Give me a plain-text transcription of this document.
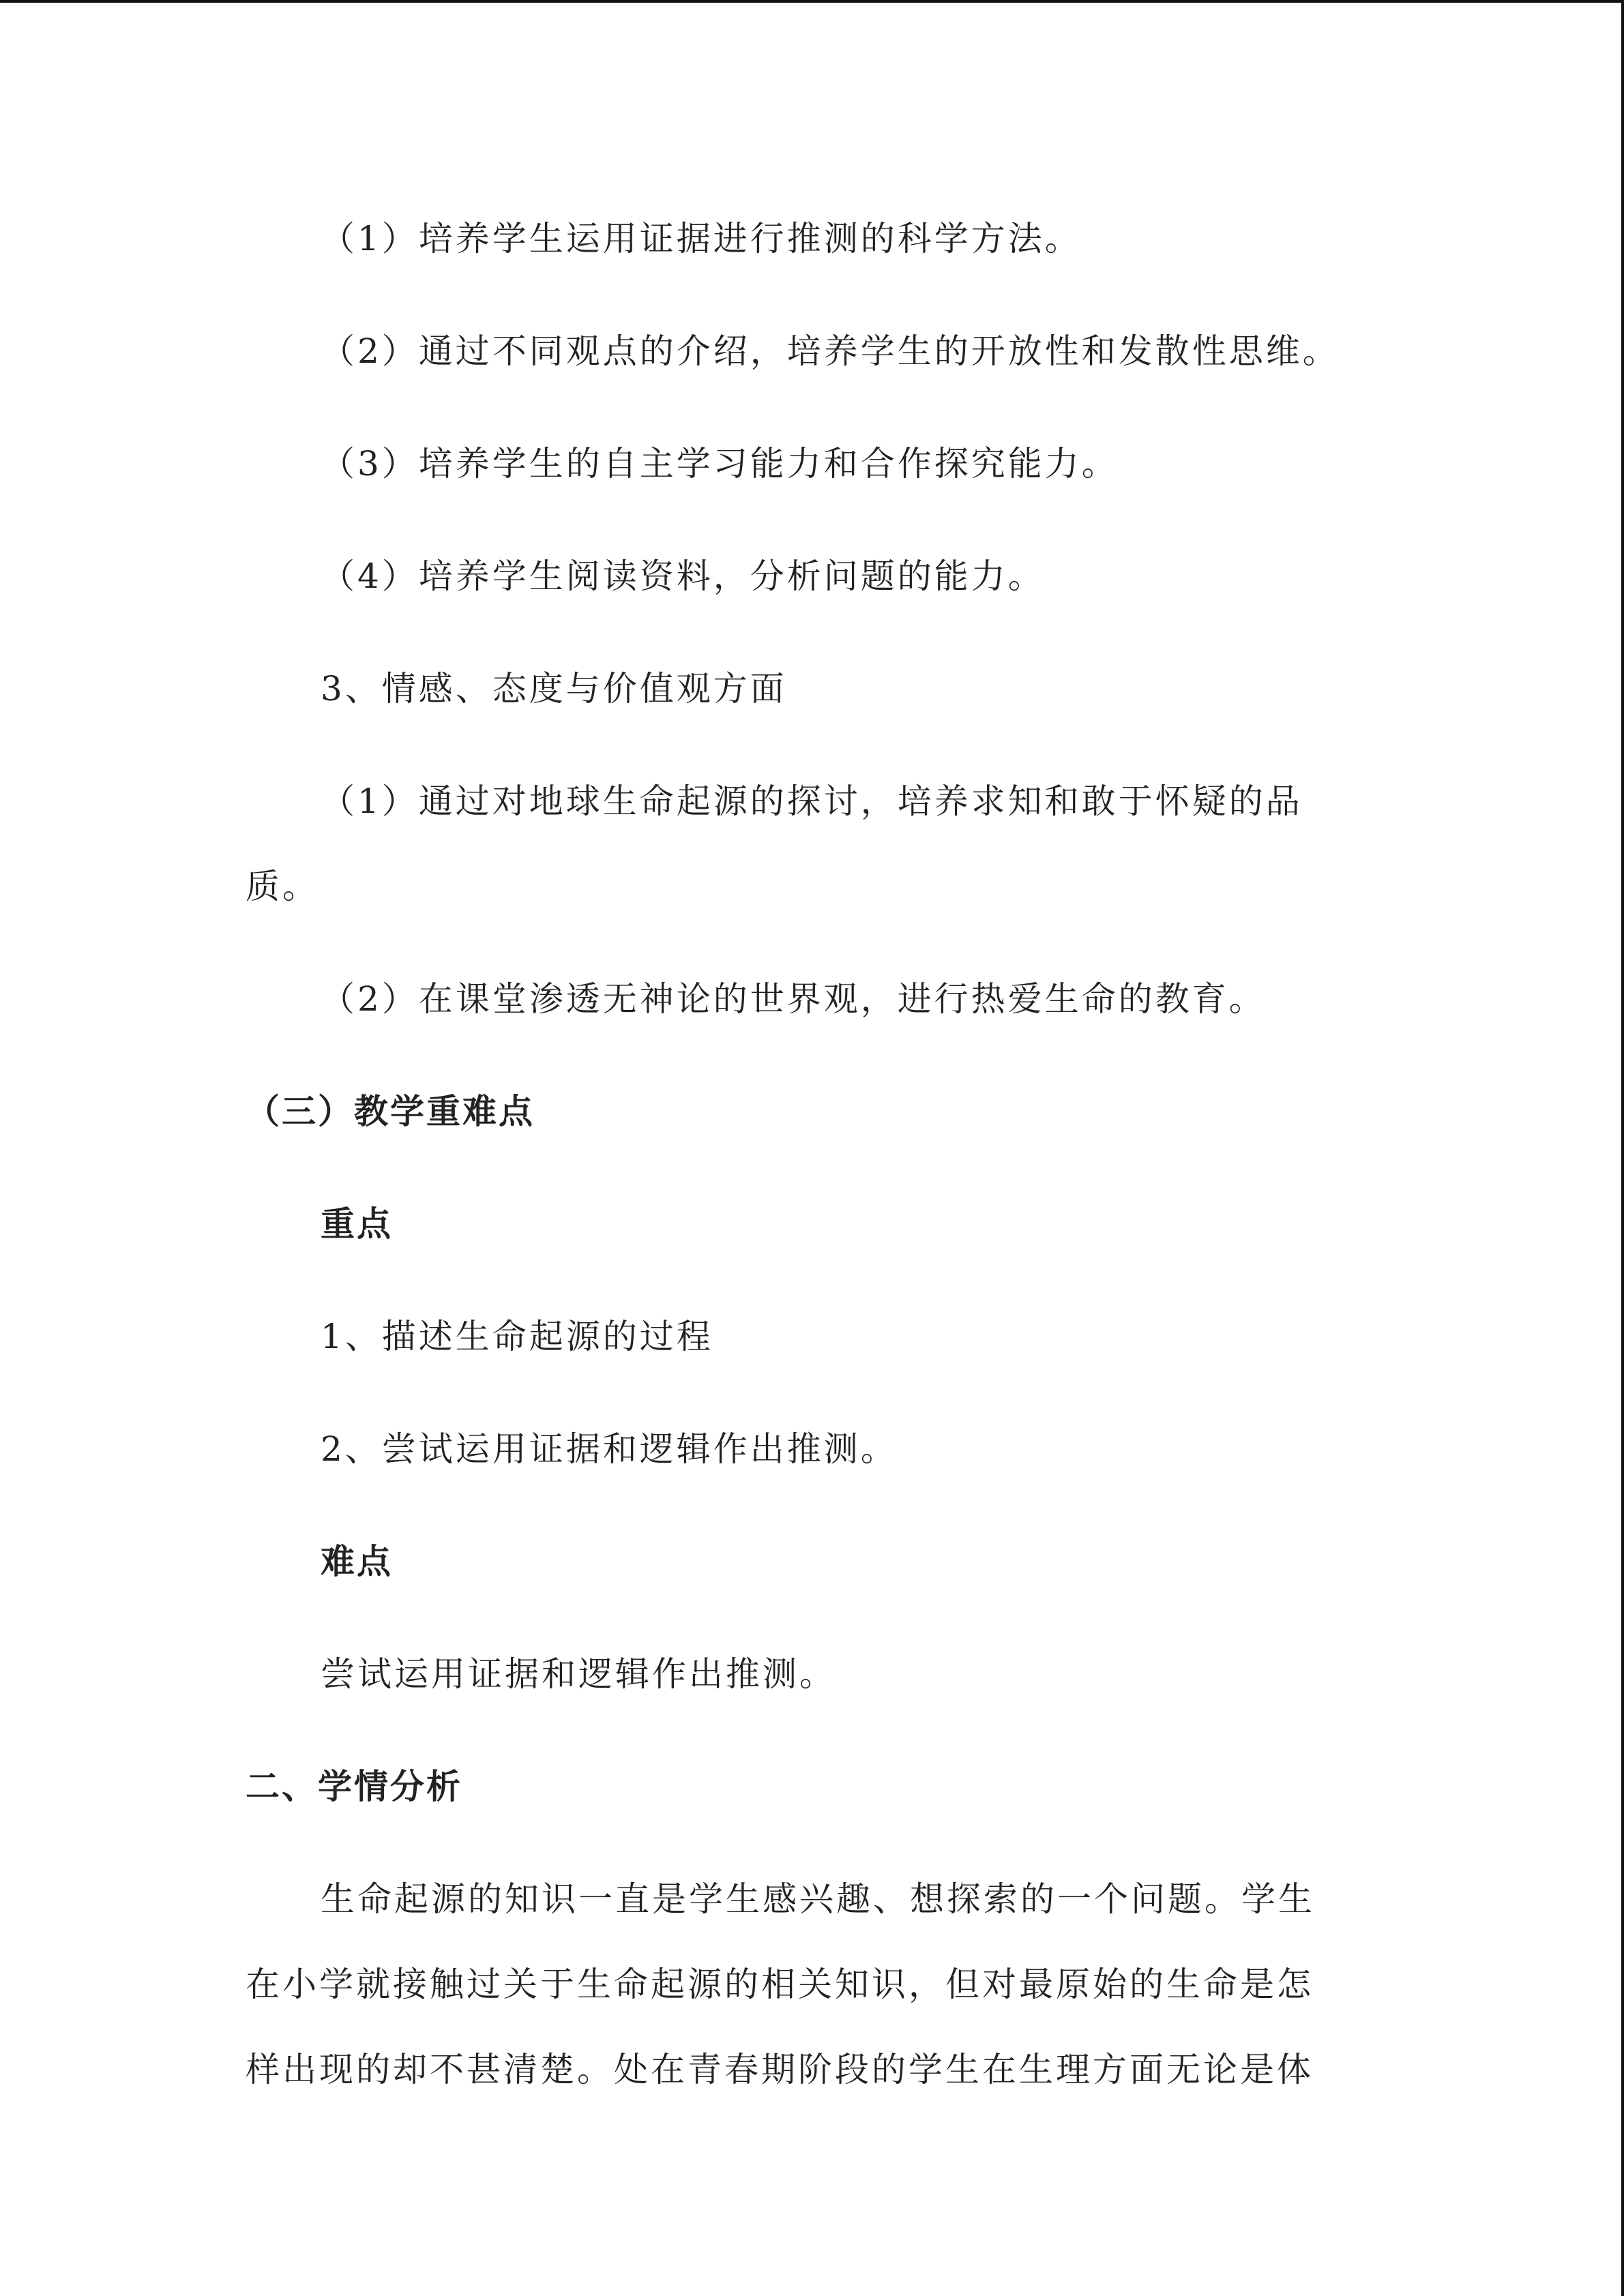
（1）培养学生运用证据进行推测的科学方法。
（2）通过不同观点的介绍，培养学生的开放性和发散性思维。
（3）培养学生的自主学习能力和合作探究能力。
（4）培养学生阅读资料，分析问题的能力。
3、情感、态度与价值观方面
（1）通过对地球生命起源的探讨，培养求知和敢于怀疑的品
质。
（2）在课堂渗透无神论的世界观，进行热爱生命的教育。
（三）教学重难点
重点
1、描述生命起源的过程
2、尝试运用证据和逻辑作出推测。
难点
尝试运用证据和逻辑作出推测。
二、学情分析
生命起源的知识一直是学生感兴趣、想探索的一个问题。学生
在小学就接触过关于生命起源的相关知识，但对最原始的生命是怎
样出现的却不甚清楚。处在青春期阶段的学生在生理方面无论是体
